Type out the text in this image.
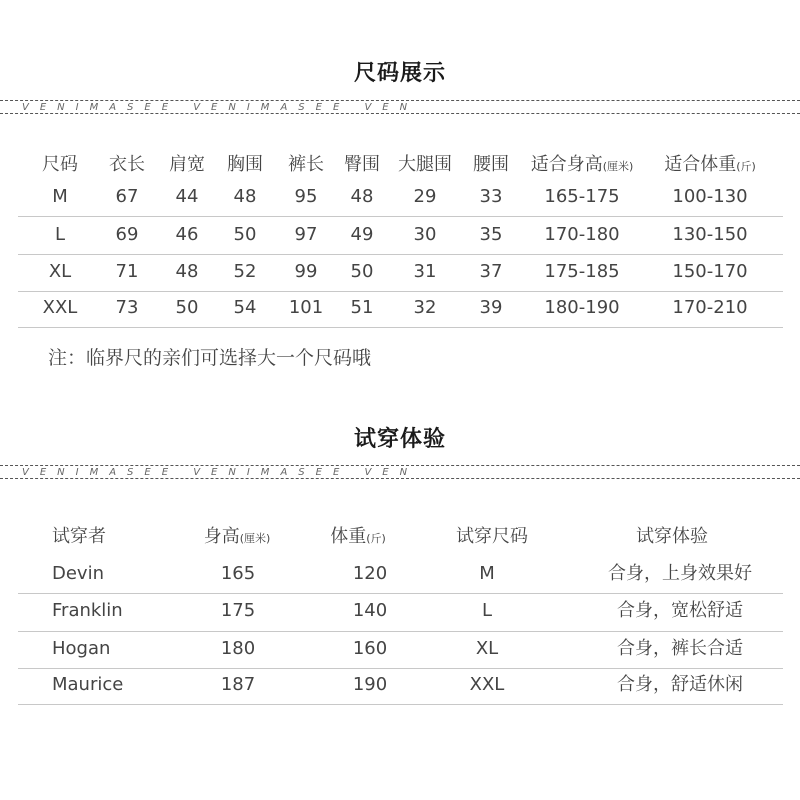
尺码展示
VENIMASEE VENIMASEE VEN
尺码 衣长 肩宽 胸围 裤长 臀围 大腿围 腰围 适合身高(厘米) 适合体重(斤)
M	67 44 48 95 48 29 33 165-175	100-130
L	69 46 50 97 49 30 35 170-180	130-150
XL 71 48 52 99 50 31 37 175-185	150-170
XXL 73 50 54 101 51 32 39 180-190	170-210
注：临界尺的亲们可选择大一个尺码哦
试穿体验
VENIMASEE VENIMASEE VEN
试穿者	身高(厘米)	体重(斤)	试穿尺码	试穿体验
Devin	165	120	M	合身，上身效果好
Franklin	175	140	L	合身，宽松舒适
Hogan	180	160	XL	合身，裤长合适
Maurice	187	190	XXL	合身，舒适休闲
